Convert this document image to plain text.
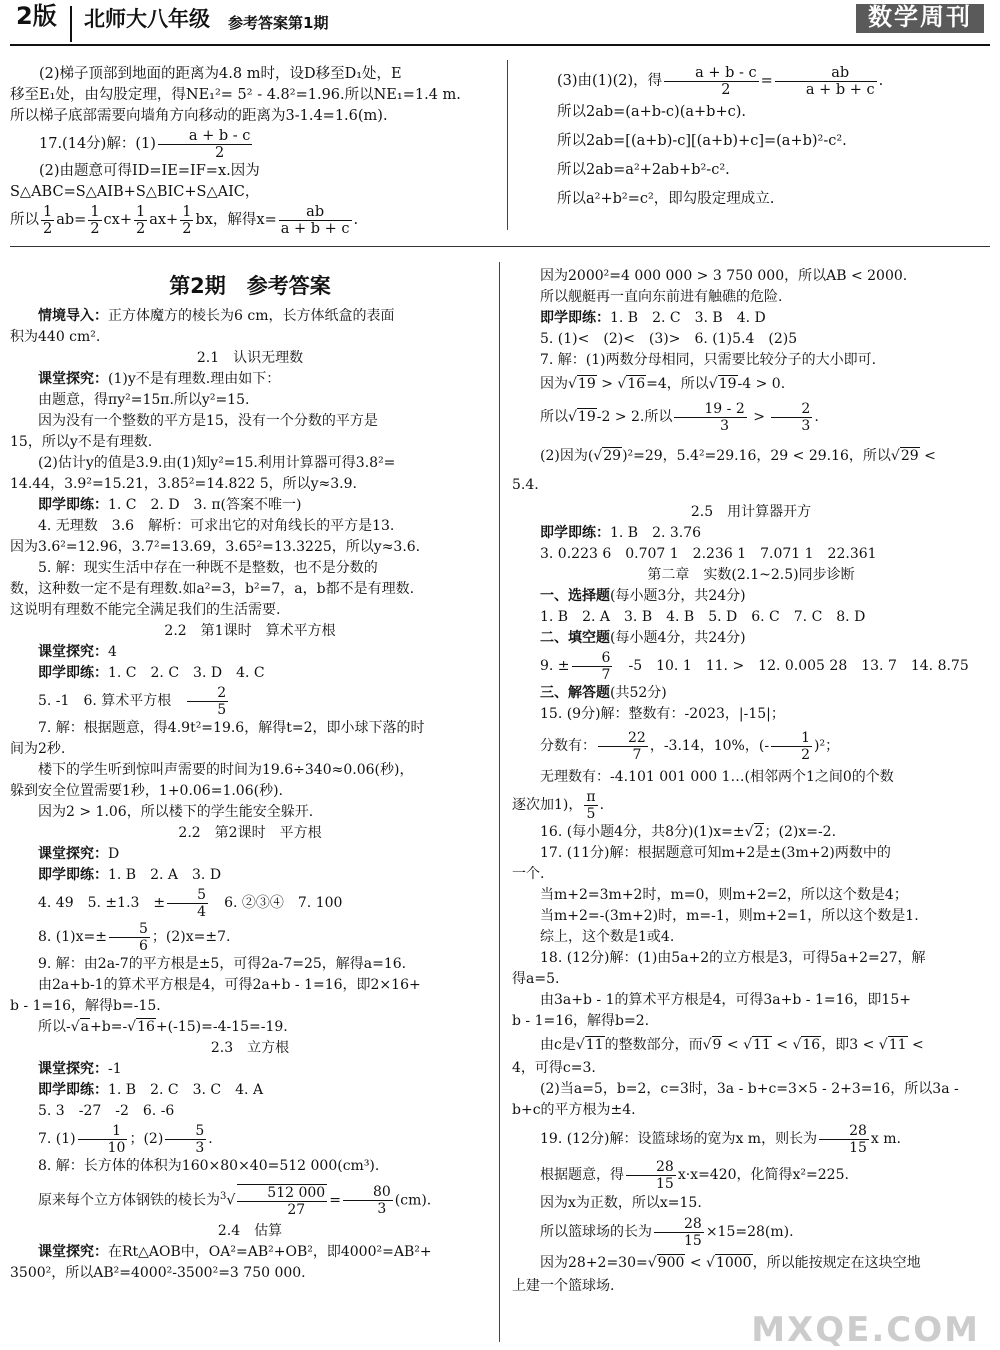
2版 北师大八年级 参考答案第1期	数学周刊

(2)梯子顶部到地面的距离为4.8 m时，设D移至D₁处，E

移至E₁处，由勾股定理，得NE₁²= 5² - 4.8²=1.96.所以NE₁=1.4 m.

所以梯子底部需要向墙角方向移动的距离为3-1.4=1.6(m).

17.(14分)解：$(1) \frac{a + b - c}{2}$

(2)由题意可得ID=IE=IF=x.因为S△ABC=S△AIB+S△BIC+S△AIC，

所以 $\frac{1}{2} ab= \frac{1}{2} cx+ \frac{1}{2} ax+ \frac{1}{2}$ bx，解得$x= \frac{ab}{a + b + c}$ .

(3)由(1)(2)，得 $\frac{a + b - c}{2} = \frac{ab}{a + b + c}$ .

所以2ab=(a+b-c)(a+b+c).

所以2ab=[(a+b)-c][(a+b)+c]=(a+b)²-c².

所以2ab=a²+2ab+b²-c².

所以a²+b²=c²，即勾股定理成立.

第2期　参考答案

情境导入：正方体魔方的棱长为6 cm，长方体纸盒的表面

积为440 cm².

2.1　认识无理数

课堂探究：(1)y不是有理数.理由如下：

由题意，得πy²=15π.所以y²=15.

因为没有一个整数的平方是15，没有一个分数的平方是

15，所以y不是有理数.

(2)估计y的值是3.9.由(1)知y²=15.利用计算器可得3.8²=

14.44，3.9²=15.21，3.85²=14.822 5，所以y≈3.9.

即学即练：1. C　2. D　3. π(答案不唯一)

4. 无理数　3.6　解析：可求出它的对角线长的平方是13.

因为3.6²=12.96，3.7²=13.69，3.65²=13.3225，所以y≈3.6.

5. 解：现实生活中存在一种既不是整数，也不是分数的

数，这种数一定不是有理数.如a²=3，b²=7，a，b都不是有理数.

这说明有理数不能完全满足我们的生活需要.

2.2　第1课时　算术平方根

课堂探究：4

即学即练：1. C　2. C　3. D　4. C

5. -1　6. 算术平方根　 $\frac{2}{5}$

7. 解：根据题意，得4.9t²=19.6，解得t=2，即小球下落的时

间为2秒.

楼下的学生听到惊叫声需要的时间为19.6÷340≈0.06(秒)，

躲到安全位置需要1秒，1+0.06=1.06(秒).

因为2 > 1.06，所以楼下的学生能安全躲开.

2.2　第2课时　平方根

课堂探究：D

即学即练：1. B　2. A　3. D

4. 49　5. ±1.3　± $\frac{5}{4}$
　 6. ②③④　7. 100

8. $(1)x=\pm \frac{5}{6}$ ；(2)x=±7.

9. 解：由2a-7的平方根是±5，可得2a-7=25，解得a=16.

由2a+b-1的算术平方根是4，可得2a+b - 1=16，即2×16+

b - 1=16，解得b=-15.

所以-√a+b=-√16+(-15)=-4-15=-19.

2.3　立方根

课堂探究：-1

即学即练：1. B　2. C　3. C　4. A

5. 3　-27　-2　6. -6

7. $(1) \frac{1}{10}$ ；$(2) \frac{5}{3}$ .

8. 解：长方体的体积为160×80×40=512 000(cm³).

原来每个立方体钢铁的棱长为$^3√ \frac{512 000}{27} = \frac{80}{3} (cm)$.

2.4　估算

课堂探究：在Rt△AOB中，OA²=AB²+OB²，即4000²=AB²+

3500²，所以AB²=4000²-3500²=3 750 000.

因为2000²=4 000 000 > 3 750 000，所以AB < 2000.

所以舰艇再一直向东前进有触礁的危险.

即学即练：1. B　2. C　3. B　4. D

5. (1)<　(2)<　(3)>　6. (1)5.4　(2)5

7. 解：(1)两数分母相同，只需要比较分子的大小即可.

因为√19 > √16=4，所以√19-4 > 0.

所以√19-2 > 2.所以 $\frac{19 - 2}{3} > \frac{2}{3}$ .

(2)因为(√29)²=29，5.4²=29.16，29 < 29.16，所以√29 <

5.4.

2.5　用计算器开方

即学即练：1. B　2. 3.76

3. 0.223 6　0.707 1　2.236 1　7.071 1　22.361

第二章　实数(2.1~2.5)同步诊断

一、选择题(每小题3分，共24分)

1. B　2. A　3. B　4. B　5. D　6. C　7. C　8. D

二、填空题(每小题4分，共24分)

9. ± $\frac{6}{7}$ 　-5　10. 1　11. >　12. 0.005 28　13. 7　14. 8.75

三、解答题(共52分)

15. (9分)解：整数有：-2023，|-15|；

分数有： $\frac{22}{7}$ ，-3.14，10%，(- $\frac{1}{2} )^2$；

无理数有：-4.101 001 000 1…(相邻两个1之间0的个数

逐次加1)， $\frac{\pi}{5}$ .

16. (每小题4分，共8分)(1)x=±√2；(2)x=-2.

17. (11分)解：根据题意可知m+2是±(3m+2)两数中的

一个.

当m+2=3m+2时，m=0，则m+2=2，所以这个数是4；

当m+2=-(3m+2)时，m=-1，则m+2=1，所以这个数是1.

综上，这个数是1或4.

18. (12分)解：(1)由5a+2的立方根是3，可得5a+2=27，解

得a=5.

由3a+b - 1的算术平方根是4，可得3a+b - 1=16，即15+

b - 1=16，解得b=2.

由c是√11的整数部分，而√9 < √11 < √16，即3 < √11 <

4，可得c=3.

(2)当a=5，b=2，c=3时，3a - b+c=3×5 - 2+3=16，所以3a -

b+c的平方根为±4.

19. (12分)解：设篮球场的宽为x m，则长为 $\frac{28}{15}$ x m.

根据题意，得 $\frac{28}{15} x\cdot x=420$，化简得x²=225.

因为x为正数，所以x=15.

所以篮球场的长为 $\frac{28}{15} \times 15=28(m)$.

因为28+2=30=√900 < √1000，所以能按规定在这块空地

上建一个篮球场.

MXQE.COM
